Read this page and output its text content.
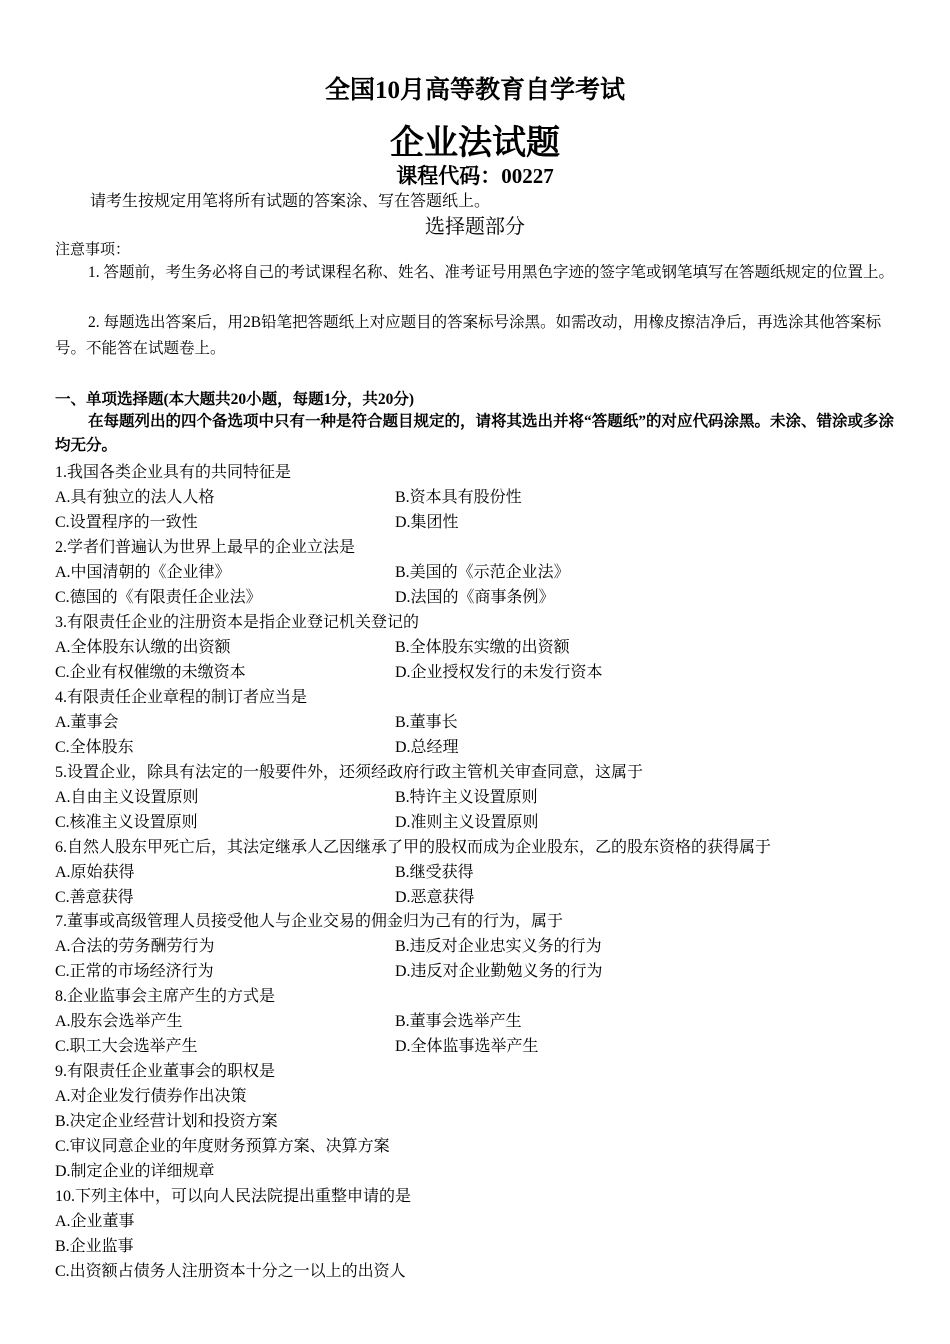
全国10月高等教育自学考试
企业法试题
课程代码：00227
请考生按规定用笔将所有试题的答案涂、写在答题纸上。
选择题部分
注意事项：
1. 答题前，考生务必将自己的考试课程名称、姓名、准考证号用黑色字迹的签字笔或钢笔填写在答题纸规定的位置上。
2. 每题选出答案后，用2B铅笔把答题纸上对应题目的答案标号涂黑。如需改动，用橡皮擦洁净后，再选涂其他答案标号。不能答在试题卷上。
一、单项选择题(本大题共20小题，每题1分，共20分)
在每题列出的四个备选项中只有一种是符合题目规定的，请将其选出并将“答题纸”的对应代码涂黑。未涂、错涂或多涂均无分。
1.我国各类企业具有的共同特征是
A.具有独立的法人人格	B.资本具有股份性
C.设置程序的一致性	D.集团性
2.学者们普遍认为世界上最早的企业立法是
A.中国清朝的《企业律》	B.美国的《示范企业法》
C.德国的《有限责任企业法》	D.法国的《商事条例》
3.有限责任企业的注册资本是指企业登记机关登记的
A.全体股东认缴的出资额	B.全体股东实缴的出资额
C.企业有权催缴的未缴资本	D.企业授权发行的未发行资本
4.有限责任企业章程的制订者应当是
A.董事会	B.董事长
C.全体股东	D.总经理
5.设置企业，除具有法定的一般要件外，还须经政府行政主管机关审查同意，这属于
A.自由主义设置原则	B.特许主义设置原则
C.核准主义设置原则	D.准则主义设置原则
6.自然人股东甲死亡后，其法定继承人乙因继承了甲的股权而成为企业股东，乙的股东资格的获得属于
A.原始获得	B.继受获得
C.善意获得	D.恶意获得
7.董事或高级管理人员接受他人与企业交易的佣金归为己有的行为，属于
A.合法的劳务酬劳行为	B.违反对企业忠实义务的行为
C.正常的市场经济行为	D.违反对企业勤勉义务的行为
8.企业监事会主席产生的方式是
A.股东会选举产生	B.董事会选举产生
C.职工大会选举产生	D.全体监事选举产生
9.有限责任企业董事会的职权是
A.对企业发行债券作出决策
B.决定企业经营计划和投资方案
C.审议同意企业的年度财务预算方案、决算方案
D.制定企业的详细规章
10.下列主体中，可以向人民法院提出重整申请的是
A.企业董事
B.企业监事
C.出资额占债务人注册资本十分之一以上的出资人
